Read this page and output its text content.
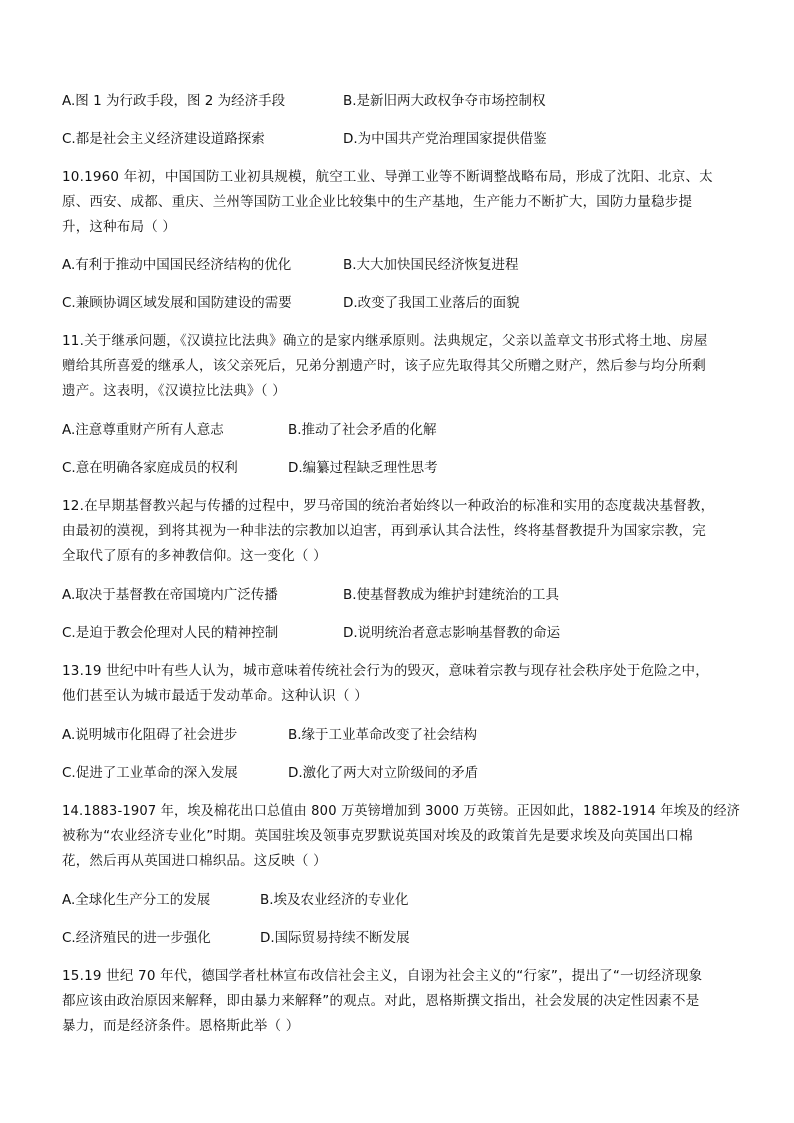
A.图 1 为行政手段，图 2 为经济手段	B.是新旧两大政权争夺市场控制权
C.都是社会主义经济建设道路探索	D.为中国共产党治理国家提供借鉴
10.1960 年初，中国国防工业初具规模，航空工业、导弹工业等不断调整战略布局，形成了沈阳、北京、太
原、西安、成都、重庆、兰州等国防工业企业比较集中的生产基地，生产能力不断扩大，国防力量稳步提
升，这种布局（ ）
A.有利于推动中国国民经济结构的优化	B.大大加快国民经济恢复进程
C.兼顾协调区域发展和国防建设的需要	D.改变了我国工业落后的面貌
11.关于继承问题，《汉谟拉比法典》确立的是家内继承原则。法典规定，父亲以盖章文书形式将土地、房屋
赠给其所喜爱的继承人，该父亲死后，兄弟分割遗产时，该子应先取得其父所赠之财产，然后参与均分所剩
遗产。这表明，《汉谟拉比法典》（ ）
A.注意尊重财产所有人意志	B.推动了社会矛盾的化解
C.意在明确各家庭成员的权利	D.编纂过程缺乏理性思考
12.在早期基督教兴起与传播的过程中，罗马帝国的统治者始终以一种政治的标准和实用的态度裁决基督教，
由最初的漠视，到将其视为一种非法的宗教加以迫害，再到承认其合法性，终将基督教提升为国家宗教，完
全取代了原有的多神教信仰。这一变化（ ）
A.取决于基督教在帝国境内广泛传播	B.使基督教成为维护封建统治的工具
C.是迫于教会伦理对人民的精神控制	D.说明统治者意志影响基督教的命运
13.19 世纪中叶有些人认为，城市意味着传统社会行为的毁灭，意味着宗教与现存社会秩序处于危险之中，
他们甚至认为城市最适于发动革命。这种认识（ ）
A.说明城市化阻碍了社会进步	B.缘于工业革命改变了社会结构
C.促进了工业革命的深入发展	D.激化了两大对立阶级间的矛盾
14.1883-1907 年，埃及棉花出口总值由 800 万英镑增加到 3000 万英镑。正因如此，1882-1914 年埃及的经济
被称为“农业经济专业化”时期。英国驻埃及领事克罗默说英国对埃及的政策首先是要求埃及向英国出口棉
花，然后再从英国进口棉织品。这反映（ ）
A.全球化生产分工的发展	B.埃及农业经济的专业化
C.经济殖民的进一步强化	D.国际贸易持续不断发展
15.19 世纪 70 年代，德国学者杜林宣布改信社会主义，自诩为社会主义的“行家”，提出了“一切经济现象
都应该由政治原因来解释，即由暴力来解释”的观点。对此，恩格斯撰文指出，社会发展的决定性因素不是
暴力，而是经济条件。恩格斯此举（ ）
